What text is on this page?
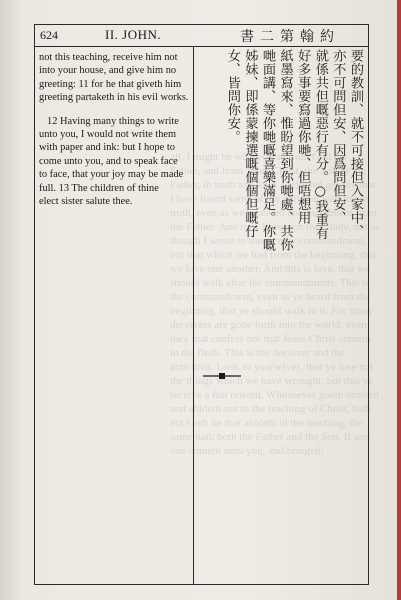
all, I might be with you as from God the Father, and from Jesus Christ, the Son of the Father, in truth and love. I rejoiced greatly that I have found some of thy children walking in truth, even as we received commandment from the Father. And now I beseech thee, lady, not as though I wrote to thee a new commandment, but that which we had from the beginning, that we love one another. And this is love, that we should walk after his commandments. This is the commandment, even as ye heard from the beginning, that ye should walk in it. For many deceivers are gone forth into the world, even they that confess not that Jesus Christ cometh in the flesh. This is the deceiver and the antichrist. Look to yourselves, that ye lose not the things which we have wrought, but that ye receive a full reward. Whosoever goeth onward and abideth not in the teaching of Christ, hath not God: he that abideth in the teaching, the same hath both the Father and the Son. If any one cometh unto you, and bringeth
624	II. JOHN.	約翰第二書

not this teaching, receive him not
into your house, and give him no
greeting: 11 for he that giveth him
greeting partaketh in his evil works.

12 Having many things to write
unto you, I would not write them
with paper and ink: but I hope to
come unto you, and to speak face
to face, that your joy may be made
full. 13 The children of thine
elect sister salute thee.	要的教訓、就不可接但入家中、
亦不可問但安、因爲問但安、
就係共但嘅惡行有分。○我重有
好多事要寫過你哋、但唔想用
紙墨寫來、惟盼望到你哋處、共你
哋面講、等你哋嘅喜樂滿足。你嘅
姊妹、即係蒙揀選嘅個個但嘅仔
女、皆問你安。
